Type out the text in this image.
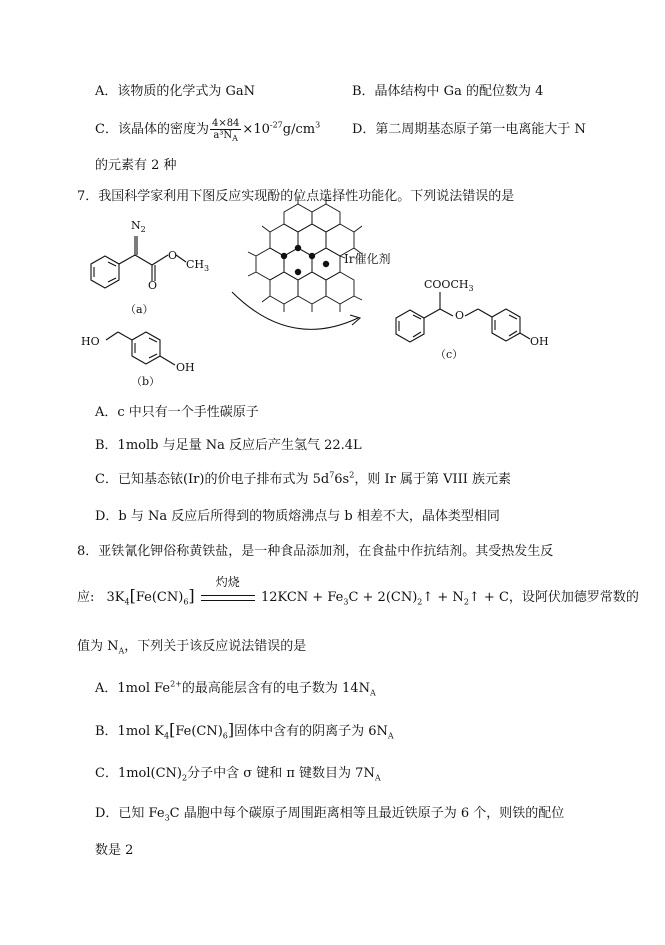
A．该物质的化学式为 GaN	B．晶体结构中 Ga 的配位数为 4
C．该晶体的密度为 $\frac{4\times 84}{a^3N_A} \times 10^{-27}g/cm^3$ D．第二周期基态原子第一电离能大于 N
的元素有 2 种
7．我国科学家利用下图反应实现酚的位点选择性功能化。下列说法错误的是
$N_2$
O
O
$CH_3$
（a）
HO
OH
（b）
Ir催化剂
$COOCH_3$
O
OH
（c）
A．c 中只有一个手性碳原子
B．1molb 与足量 Na 反应后产生氢气 22.4L
C．已知基态铱(Ir)的价电子排布式为 $5d^76s^2$，则 Ir 属于第 VIII 族元素
D．b 与 Na 反应后所得到的物质熔沸点与 b 相差不大，晶体类型相同
8．亚铁氰化钾俗称黄铁盐，是一种食品添加剂，在食盐中作抗结剂。其受热发生反
应: $3K_4[Fe(CN)_6]$
灼烧
$12KCN + Fe_3C$ + $2(CN)_2↑$ + $N_2↑ + C$，设阿伏加德罗常数的
值为 $N_A$，下列关于该反应说法错误的是
A．1mol $Fe^{2+}$的最高能层含有的电子数为 $14N_A$
B．1mol $K_4[Fe(CN)_6]$固体中含有的阴离子为 $6N_A$
C．$1mol(CN)_2$分子中含 σ 键和 π 键数目为 $7N_A$
D．已知 $Fe_3C$ 晶胞中每个碳原子周围距离相等且最近铁原子为 6 个，则铁的配位
数是 2
